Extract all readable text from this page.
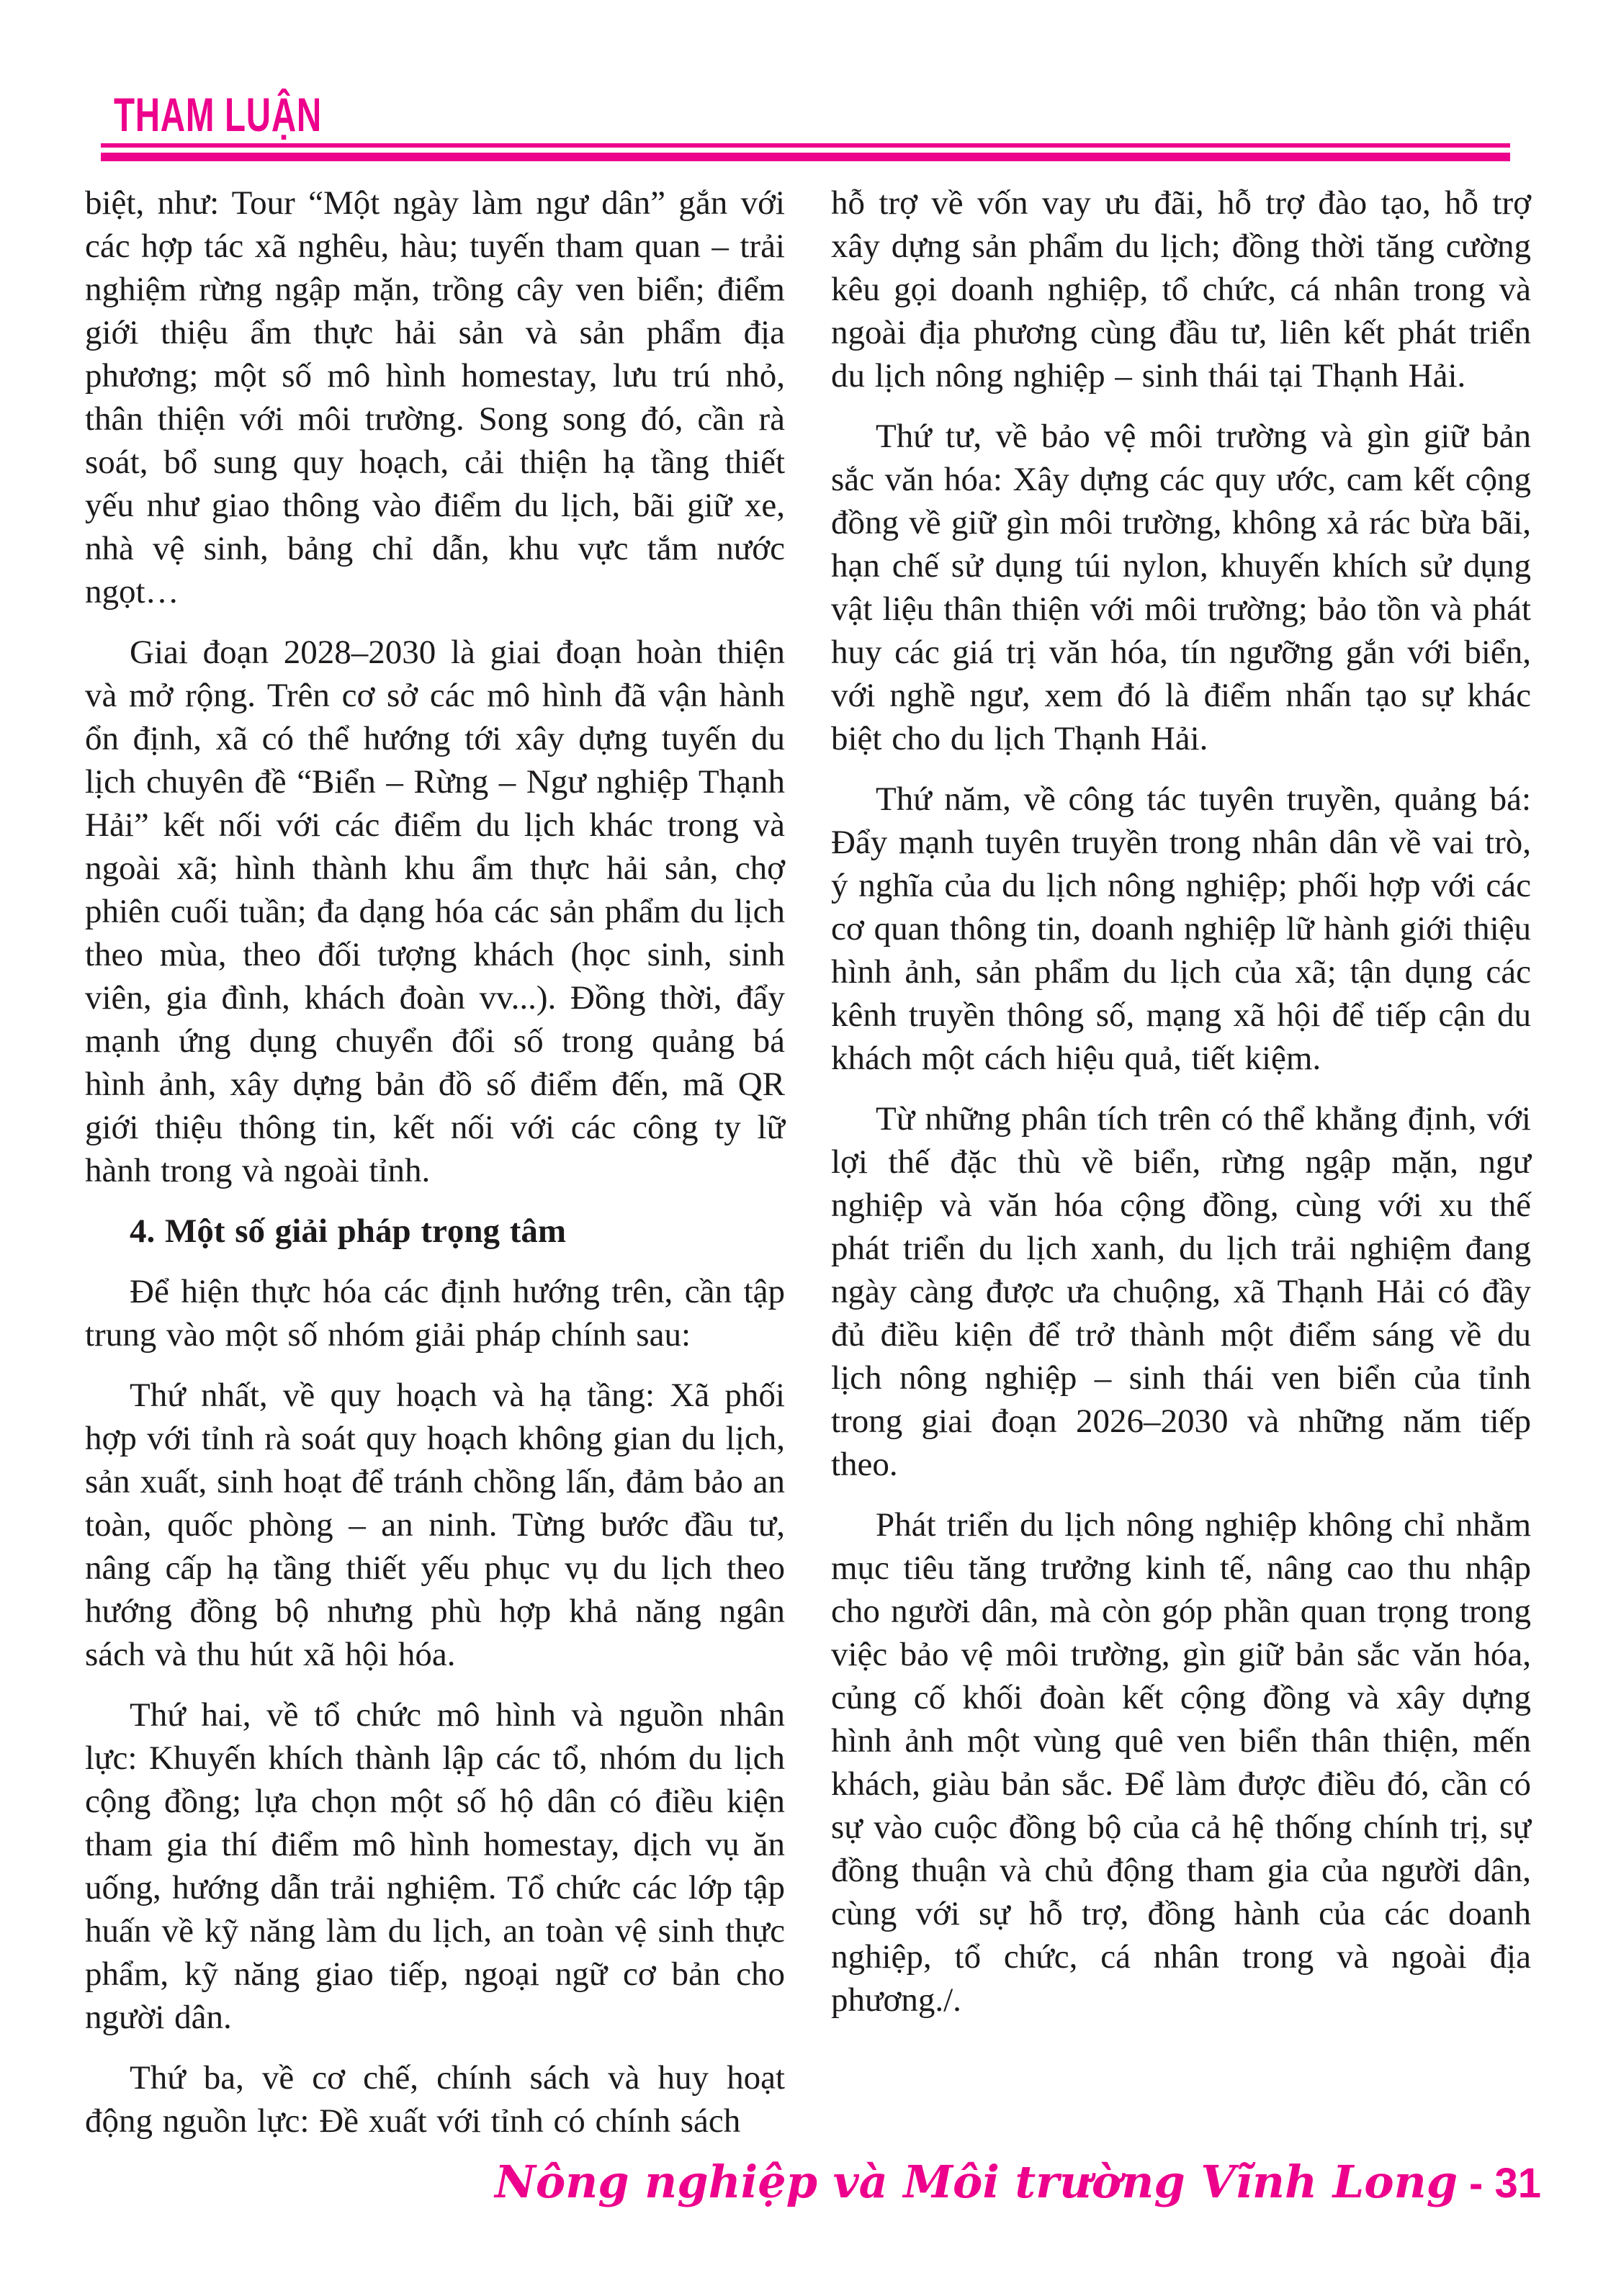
THAM LUẬN

biệt, như: Tour “Một ngày làm ngư dân” gắn với các hợp tác xã nghêu, hàu; tuyến tham quan – trải nghiệm rừng ngập mặn, trồng cây ven biển; điểm giới thiệu ẩm thực hải sản và sản phẩm địa phương; một số mô hình homestay, lưu trú nhỏ, thân thiện với môi trường. Song song đó, cần rà soát, bổ sung quy hoạch, cải thiện hạ tầng thiết yếu như giao thông vào điểm du lịch, bãi giữ xe, nhà vệ sinh, bảng chỉ dẫn, khu vực tắm nước ngọt…

Giai đoạn 2028–2030 là giai đoạn hoàn thiện và mở rộng. Trên cơ sở các mô hình đã vận hành ổn định, xã có thể hướng tới xây dựng tuyến du lịch chuyên đề “Biển – Rừng – Ngư nghiệp Thạnh Hải” kết nối với các điểm du lịch khác trong và ngoài xã; hình thành khu ẩm thực hải sản, chợ phiên cuối tuần; đa dạng hóa các sản phẩm du lịch theo mùa, theo đối tượng khách (học sinh, sinh viên, gia đình, khách đoàn vv...). Đồng thời, đẩy mạnh ứng dụng chuyển đổi số trong quảng bá hình ảnh, xây dựng bản đồ số điểm đến, mã QR giới thiệu thông tin, kết nối với các công ty lữ hành trong và ngoài tỉnh.

4. Một số giải pháp trọng tâm

Để hiện thực hóa các định hướng trên, cần tập trung vào một số nhóm giải pháp chính sau:

Thứ nhất, về quy hoạch và hạ tầng: Xã phối hợp với tỉnh rà soát quy hoạch không gian du lịch, sản xuất, sinh hoạt để tránh chồng lấn, đảm bảo an toàn, quốc phòng – an ninh. Từng bước đầu tư, nâng cấp hạ tầng thiết yếu phục vụ du lịch theo hướng đồng bộ nhưng phù hợp khả năng ngân sách và thu hút xã hội hóa.

Thứ hai, về tổ chức mô hình và nguồn nhân lực: Khuyến khích thành lập các tổ, nhóm du lịch cộng đồng; lựa chọn một số hộ dân có điều kiện tham gia thí điểm mô hình homestay, dịch vụ ăn uống, hướng dẫn trải nghiệm. Tổ chức các lớp tập huấn về kỹ năng làm du lịch, an toàn vệ sinh thực phẩm, kỹ năng giao tiếp, ngoại ngữ cơ bản cho người dân.

Thứ ba, về cơ chế, chính sách và huy hoạt động nguồn lực: Đề xuất với tỉnh có chính sách

hỗ trợ về vốn vay ưu đãi, hỗ trợ đào tạo, hỗ trợ xây dựng sản phẩm du lịch; đồng thời tăng cường kêu gọi doanh nghiệp, tổ chức, cá nhân trong và ngoài địa phương cùng đầu tư, liên kết phát triển du lịch nông nghiệp – sinh thái tại Thạnh Hải.

Thứ tư, về bảo vệ môi trường và gìn giữ bản sắc văn hóa: Xây dựng các quy ước, cam kết cộng đồng về giữ gìn môi trường, không xả rác bừa bãi, hạn chế sử dụng túi nylon, khuyến khích sử dụng vật liệu thân thiện với môi trường; bảo tồn và phát huy các giá trị văn hóa, tín ngưỡng gắn với biển, với nghề ngư, xem đó là điểm nhấn tạo sự khác biệt cho du lịch Thạnh Hải.

Thứ năm, về công tác tuyên truyền, quảng bá: Đẩy mạnh tuyên truyền trong nhân dân về vai trò, ý nghĩa của du lịch nông nghiệp; phối hợp với các cơ quan thông tin, doanh nghiệp lữ hành giới thiệu hình ảnh, sản phẩm du lịch của xã; tận dụng các kênh truyền thông số, mạng xã hội để tiếp cận du khách một cách hiệu quả, tiết kiệm.

Từ những phân tích trên có thể khẳng định, với lợi thế đặc thù về biển, rừng ngập mặn, ngư nghiệp và văn hóa cộng đồng, cùng với xu thế phát triển du lịch xanh, du lịch trải nghiệm đang ngày càng được ưa chuộng, xã Thạnh Hải có đầy đủ điều kiện để trở thành một điểm sáng về du lịch nông nghiệp – sinh thái ven biển của tỉnh trong giai đoạn 2026–2030 và những năm tiếp theo.

Phát triển du lịch nông nghiệp không chỉ nhằm mục tiêu tăng trưởng kinh tế, nâng cao thu nhập cho người dân, mà còn góp phần quan trọng trong việc bảo vệ môi trường, gìn giữ bản sắc văn hóa, củng cố khối đoàn kết cộng đồng và xây dựng hình ảnh một vùng quê ven biển thân thiện, mến khách, giàu bản sắc. Để làm được điều đó, cần có sự vào cuộc đồng bộ của cả hệ thống chính trị, sự đồng thuận và chủ động tham gia của người dân, cùng với sự hỗ trợ, đồng hành của các doanh nghiệp, tổ chức, cá nhân trong và ngoài địa phương./.

Nông nghiệp và Môi trường Vĩnh Long - 31
